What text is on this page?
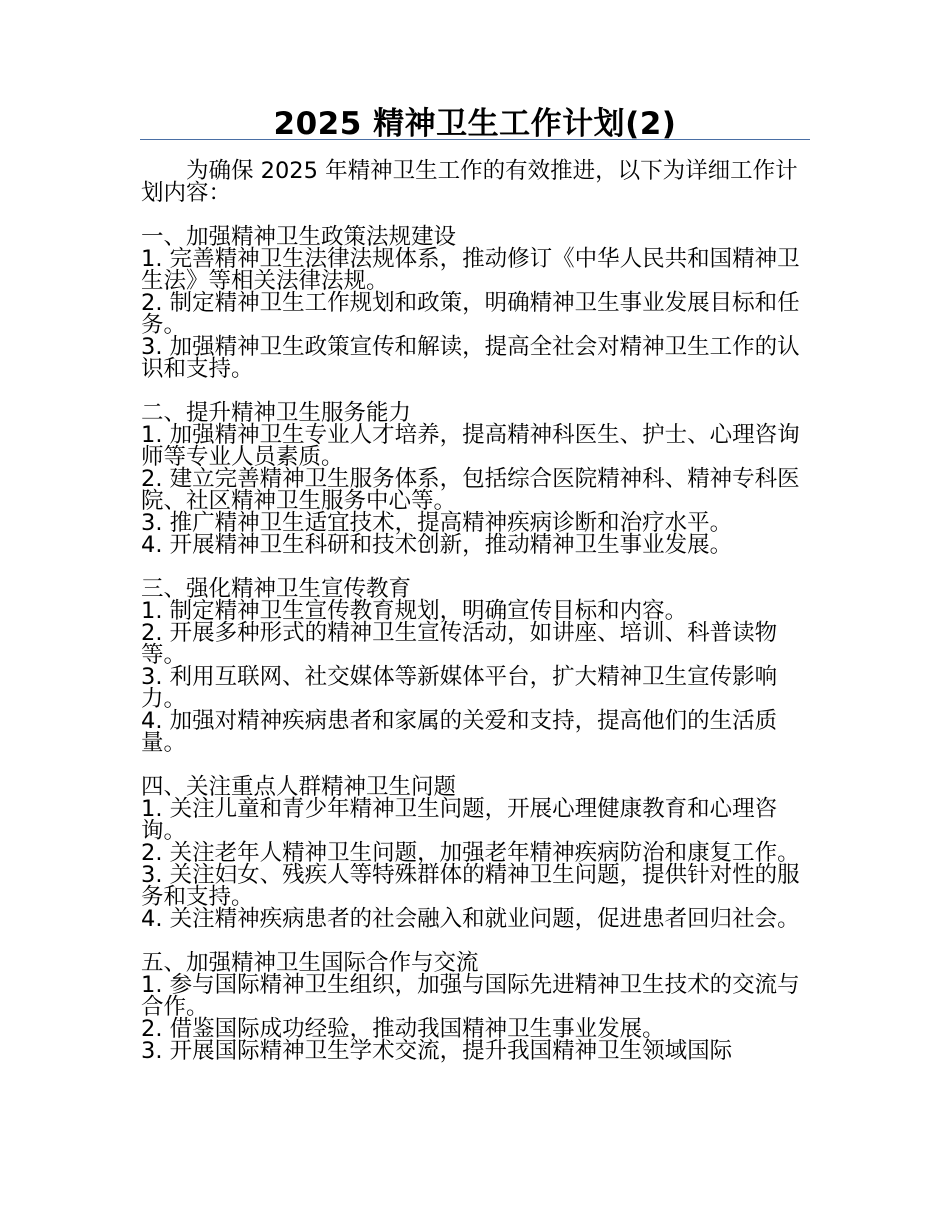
2025 精神卫生工作计划(2)

为确保 2025 年精神卫生工作的有效推进，以下为详细工作计划内容：

一、加强精神卫生政策法规建设

1. 完善精神卫生法律法规体系，推动修订《中华人民共和国精神卫生法》等相关法律法规。

2. 制定精神卫生工作规划和政策，明确精神卫生事业发展目标和任务。

3. 加强精神卫生政策宣传和解读，提高全社会对精神卫生工作的认识和支持。

二、提升精神卫生服务能力

1. 加强精神卫生专业人才培养，提高精神科医生、护士、心理咨询师等专业人员素质。

2. 建立完善精神卫生服务体系，包括综合医院精神科、精神专科医院、社区精神卫生服务中心等。

3. 推广精神卫生适宜技术，提高精神疾病诊断和治疗水平。

4. 开展精神卫生科研和技术创新，推动精神卫生事业发展。

三、强化精神卫生宣传教育

1. 制定精神卫生宣传教育规划，明确宣传目标和内容。

2. 开展多种形式的精神卫生宣传活动，如讲座、培训、科普读物等。

3. 利用互联网、社交媒体等新媒体平台，扩大精神卫生宣传影响力。

4. 加强对精神疾病患者和家属的关爱和支持，提高他们的生活质量。

四、关注重点人群精神卫生问题

1. 关注儿童和青少年精神卫生问题，开展心理健康教育和心理咨询。

2. 关注老年人精神卫生问题，加强老年精神疾病防治和康复工作。

3. 关注妇女、残疾人等特殊群体的精神卫生问题，提供针对性的服务和支持。

4. 关注精神疾病患者的社会融入和就业问题，促进患者回归社会。

五、加强精神卫生国际合作与交流

1. 参与国际精神卫生组织，加强与国际先进精神卫生技术的交流与合作。

2. 借鉴国际成功经验，推动我国精神卫生事业发展。

3. 开展国际精神卫生学术交流，提升我国精神卫生领域国际
